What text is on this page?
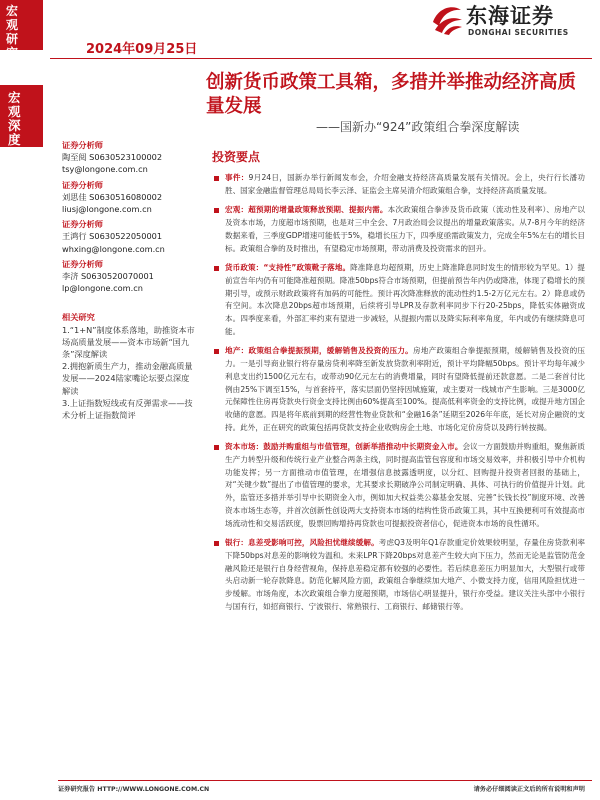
宏观研究	2024年09月25日
东海证券
DONGHAI SECURITIES
宏观深度
创新货币政策工具箱，多措并举推动经济高质量发展
——国新办“924”政策组合拳深度解读
证券分析师
陶至阅 S0630523100002
tsy@longone.com.cn
证券分析师
刘思佳 S0630516080002
liusj@longone.com.cn
证券分析师
王鸿行 S0630522050001
whxing@longone.com.cn
证券分析师
李济 S0630520070001
lp@longone.com.cn
相关研究
1.“1+N”制度体系落地，助推资本市场高质量发展——资本市场新“国九条”深度解读
2.拥抱新质生产力，推动金融高质量发展——2024陆家嘴论坛要点深度解读
3.上证指数短线或有反弹需求——技术分析上证指数简评
投资要点
事件：9月24日，国新办举行新闻发布会，介绍金融支持经济高质量发展有关情况。会上，央行行长潘功胜、国家金融监督管理总局局长李云泽、证监会主席吴清介绍政策组合拳，支持经济高质量发展。
宏观：超预期的增量政策释放预期、提振内需。本次政策组合拳涉及货币政策（流动性及利率）、房地产以及资本市场，力度超市场预期，也是对三中全会、7月政治局会议提出的增量政策落实。从7-8月今年的经济数据来看，三季度GDP增速可能低于5%，稳增长压力下，四季度亟需政策发力，完成全年5%左右的增长目标。政策组合拳的及时推出，有望稳定市场预期，带动消费及投资需求的回升。
货币政策：“支持性”政策靴子落地。降准降息均超预期，历史上降准降息同时发生的情形较为罕见。1）提前宣告年内仍有可能降准超预期。降准50bps符合市场预期，但提前预告年内仍或降准，体现了稳增长的预期引导，或预示财政政策将有加码的可能性。预计再次降准释放的流动性约1.5-2万亿元左右。2）降息或仍有空间。本次降息20bps超市场预期，后续将引导LPR及存款利率同步下行20-25bps，降低实体融资成本。四季度来看，外部汇率约束有望进一步减轻，从提振内需以及降实际利率角度，年内或仍有继续降息可能。
地产：政策组合拳提振预期，缓解销售及投资的压力。房地产政策组合拳提振预期，缓解销售及投资的压力。一是引导商业银行将存量房贷利率降至新发放贷款利率附近，预计平均降幅50bps。预计平均每年减少利息支出约1500亿元左右，或带动90亿元左右的消费增量，同时有望降低提前还款意愿。二是二套首付比例由25%下调至15%，与首套持平，落实层面仍坚持因城施策，或主要对一线城市产生影响。三是3000亿元保障性住房再贷款央行资金支持比例由60%提高至100%。提高低利率资金的支持比例，或提升地方国企收储的意愿。四是将年底前到期的经营性物业贷款和“金融16条”延期至2026年年底，延长对房企融资的支持。此外，正在研究的政策包括再贷款支持企业收购房企土地、市场化定价房贷以及跨行转按揭。
资本市场：鼓励并购重组与市值管理，创新举措推动中长期资金入市。会议一方面鼓励并购重组，聚焦新质生产力转型升级和传统行业产业整合两条主线，同时提高监管包容度和市场交易效率，并积极引导中介机构功能发挥；另一方面推动市值管理，在增强信息披露透明度，以分红、回购提升投资者回报的基础上，对“关键少数”提出了市值管理的要求，尤其要求长期破净公司制定明确、具体、可执行的价值提升计划。此外，监管还多措并举引导中长期资金入市，例如加大权益类公募基金发展、完善“长钱长投”制度环境、改善资本市场生态等，并首次创新性创设两大支持资本市场的结构性货币政策工具，其中互换便利可有效提高市场流动性和交易活跃度，股票回购增持再贷款也可提振投资者信心，促进资本市场的良性循环。
银行：息差受影响可控，风险担忧继续缓解。考虑Q3及明年Q1存款重定价效果较明显，存量住房贷款利率下降50bps对息差的影响较为温和。未来LPR下降20bps对息差产生较大向下压力，然而无论是监管防范金融风险还是银行自身经营视角，保持息差稳定都有较强的必要性。若后续息差压力明显加大，大型银行或带头启动新一轮存款降息。防范化解风险方面，政策组合拳继续加大地产、小微支持力度，信用风险担忧进一步缓解。市场角度，本次政策组合拳力度超预期，市场信心明显提升，银行亦受益。建议关注头部中小银行与国有行，如招商银行、宁波银行、常熟银行、工商银行、邮储银行等。
证券研究报告 HTTP://WWW.LONGONE.COM.CN	请务必仔细阅读正文后的所有说明和声明
